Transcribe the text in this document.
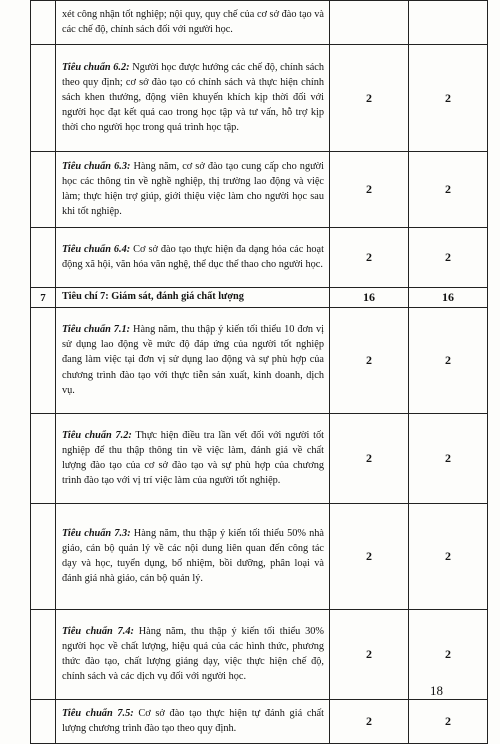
	xét công nhận tốt nghiệp; nội quy, quy chế của cơ sở đào tạo và các chế độ, chính sách đối với người học.		
	Tiêu chuẩn 6.2: Người học được hướng các chế độ, chính sách theo quy định; cơ sở đào tạo có chính sách và thực hiện chính sách khen thưởng, động viên khuyến khích kịp thời đối với người học đạt kết quả cao trong học tập và tư vấn, hỗ trợ kịp thời cho người học trong quá trình học tập.	2	2
	Tiêu chuẩn 6.3: Hàng năm, cơ sở đào tạo cung cấp cho người học các thông tin về nghề nghiệp, thị trường lao động và việc làm; thực hiện trợ giúp, giới thiệu việc làm cho người học sau khi tốt nghiệp.	2	2
	Tiêu chuẩn 6.4: Cơ sở đào tạo thực hiện đa dạng hóa các hoạt động xã hội, văn hóa văn nghệ, thể dục thể thao cho người học.	2	2
7	Tiêu chí 7: Giám sát, đánh giá chất lượng	16	16
	Tiêu chuẩn 7.1: Hàng năm, thu thập ý kiến tối thiểu 10 đơn vị sử dụng lao động về mức độ đáp ứng của người tốt nghiệp đang làm việc tại đơn vị sử dụng lao động và sự phù hợp của chương trình đào tạo với thực tiễn sản xuất, kinh doanh, dịch vụ.	2	2
	Tiêu chuẩn 7.2: Thực hiện điều tra lần vết đối với người tốt nghiệp để thu thập thông tin về việc làm, đánh giá về chất lượng đào tạo của cơ sở đào tạo và sự phù hợp của chương trình đào tạo với vị trí việc làm của người tốt nghiệp.	2	2
	Tiêu chuẩn 7.3: Hàng năm, thu thập ý kiến tối thiểu 50% nhà giáo, cán bộ quản lý về các nội dung liên quan đến công tác dạy và học, tuyển dụng, bổ nhiệm, bồi dưỡng, phân loại và đánh giá nhà giáo, cán bộ quản lý.	2	2
	Tiêu chuẩn 7.4: Hàng năm, thu thập ý kiến tối thiểu 30% người học về chất lượng, hiệu quả của các hình thức, phương thức đào tạo, chất lượng giảng dạy, việc thực hiện chế độ, chính sách và các dịch vụ đối với người học.	2	2
	Tiêu chuẩn 7.5: Cơ sở đào tạo thực hiện tự đánh giá chất lượng chương trình đào tạo theo quy định.	2	2
18
